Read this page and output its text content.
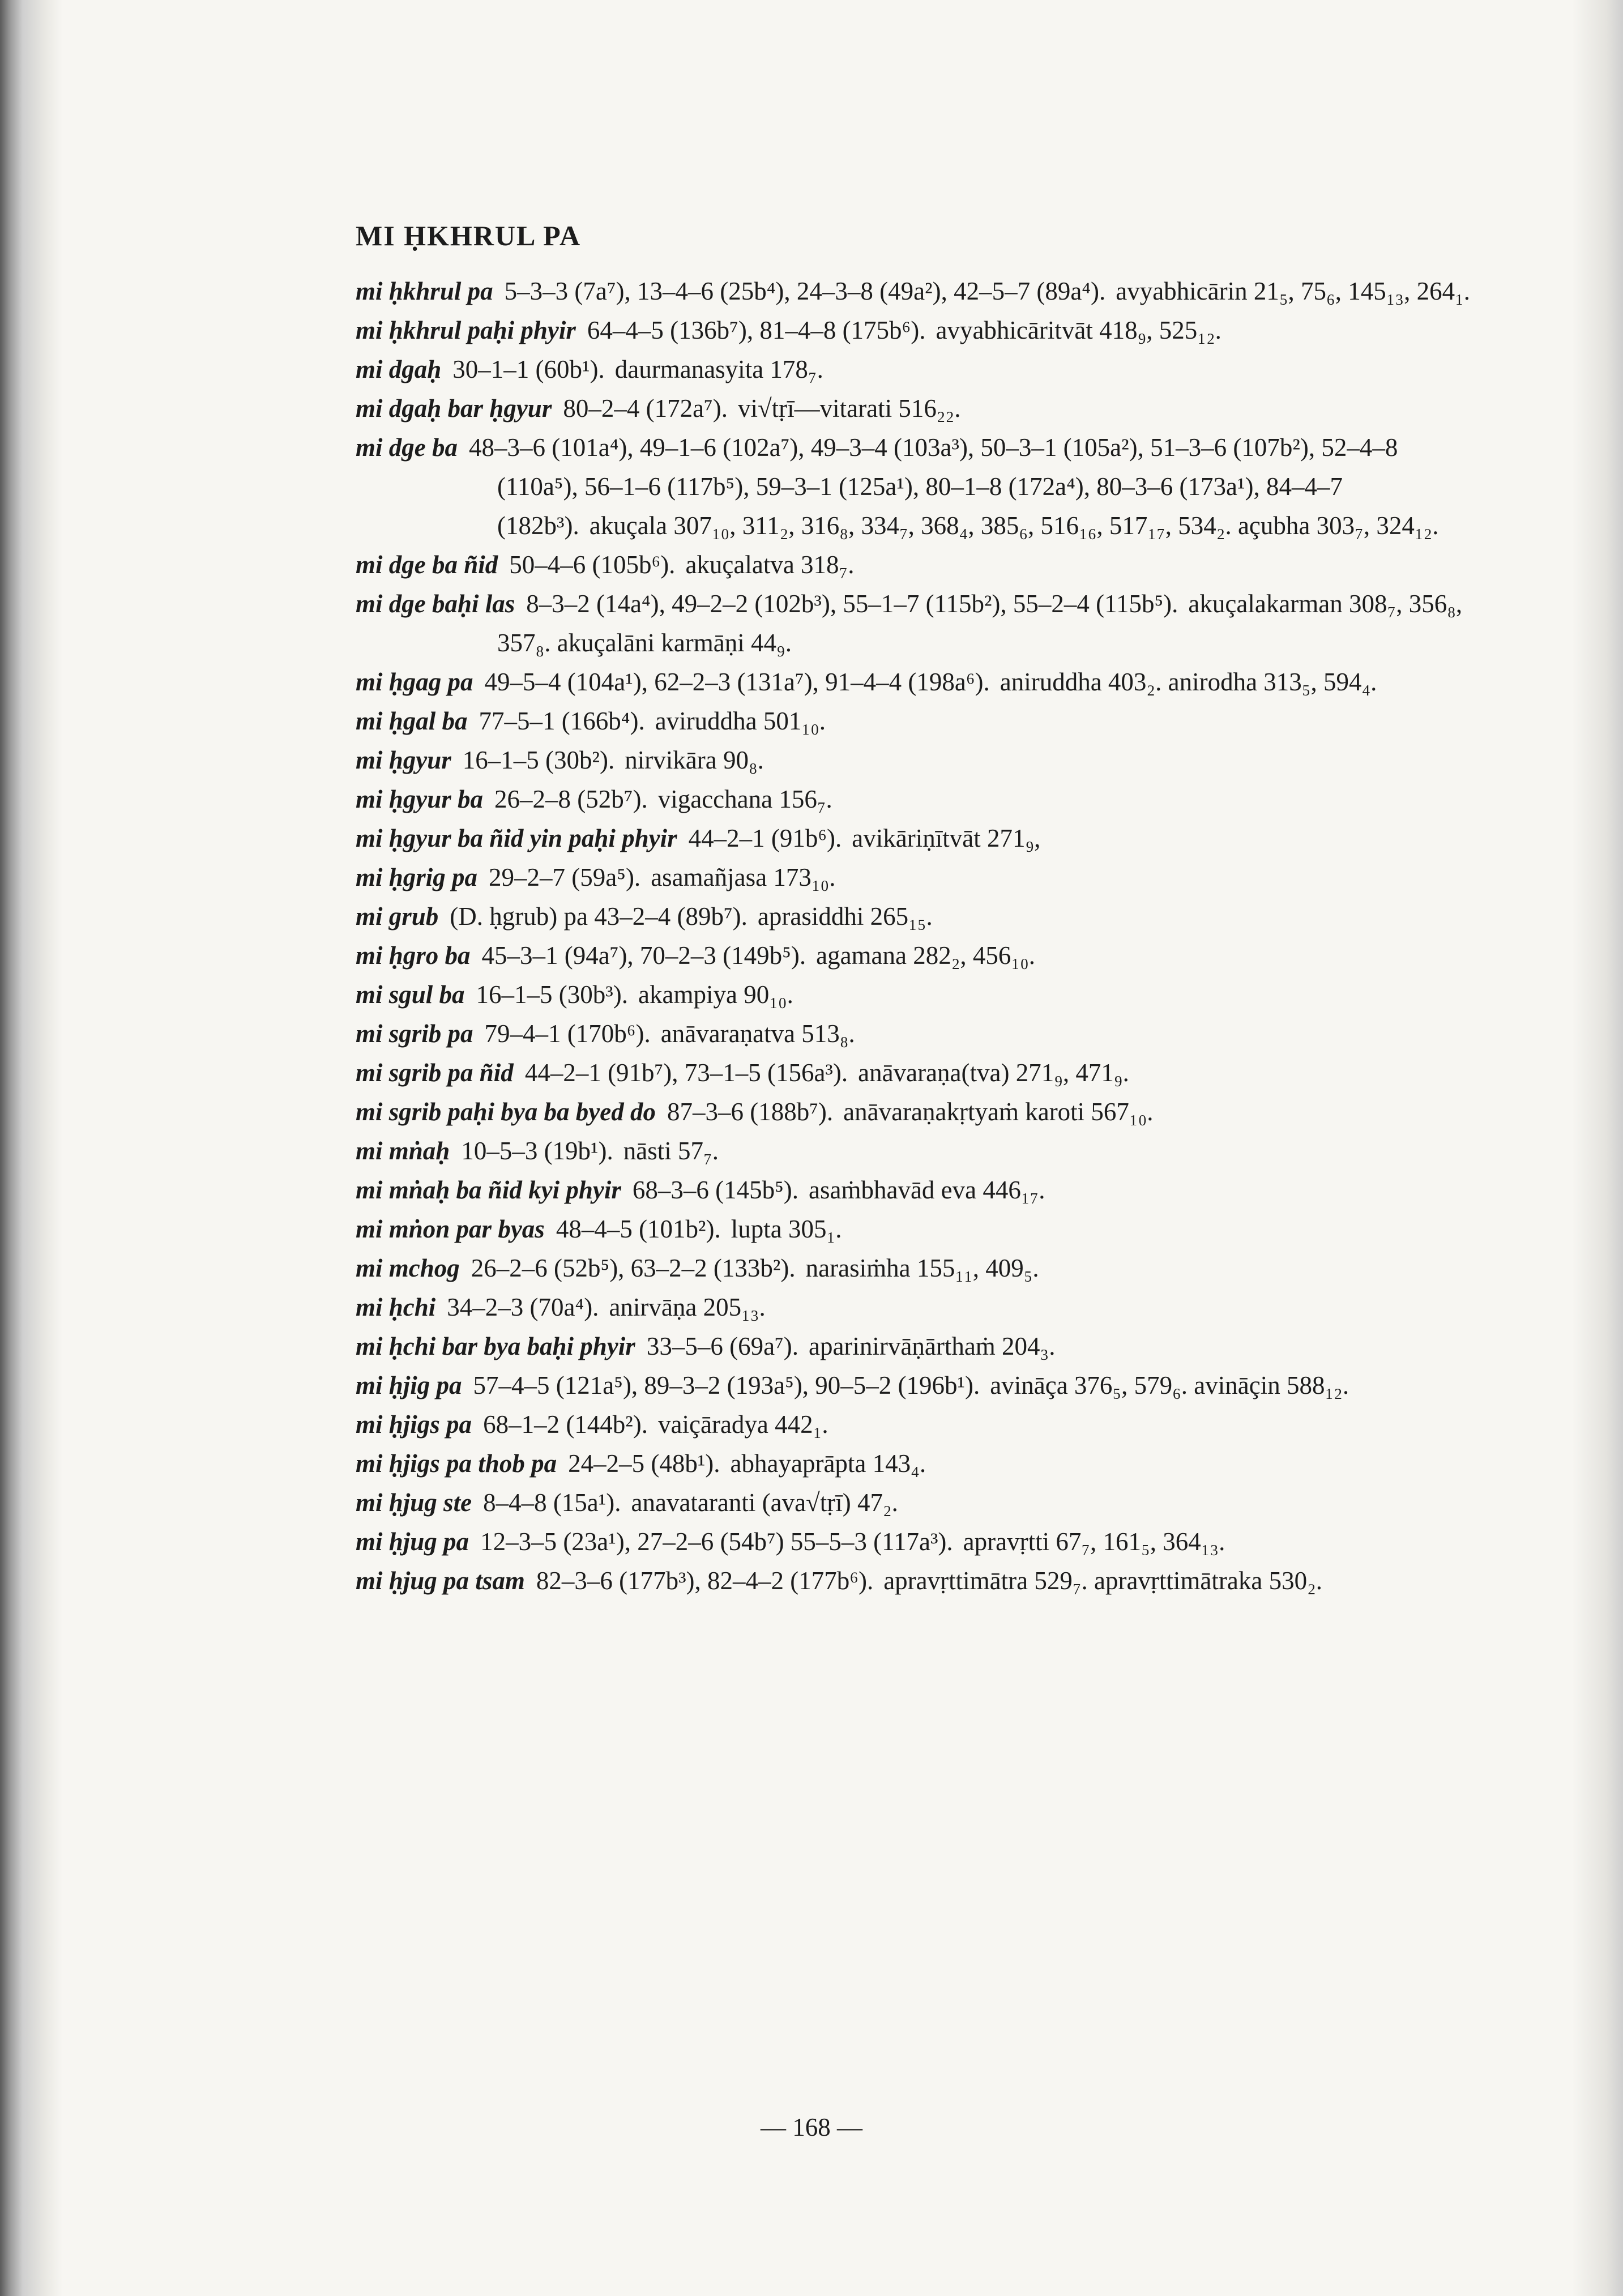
MI ḤKHRUL PA

mi ḥkhrul pa 5–3–3 (7a⁷), 13–4–6 (25b⁴), 24–3–8 (49a²), 42–5–7 (89a⁴). avyabhicārin 21₅, 75₆, 145₁₃, 264₁.

mi ḥkhrul paḥi phyir 64–4–5 (136b⁷), 81–4–8 (175b⁶). avyabhicāritvāt 418₉, 525₁₂.

mi dgaḥ 30–1–1 (60b¹). daurmanasyita 178₇.

mi dgaḥ bar ḥgyur 80–2–4 (172a⁷). vi√tṛī—vitarati 516₂₂.

mi dge ba 48–3–6 (101a⁴), 49–1–6 (102a⁷), 49–3–4 (103a³), 50–3–1 (105a²), 51–3–6 (107b²), 52–4–8 (110a⁵), 56–1–6 (117b⁵), 59–3–1 (125a¹), 80–1–8 (172a⁴), 80–3–6 (173a¹), 84–4–7 (182b³). akuçala 307₁₀, 311₂, 316₈, 334₇, 368₄, 385₆, 516₁₆, 517₁₇, 534₂. açubha 303₇, 324₁₂.

mi dge ba ñid 50–4–6 (105b⁶). akuçalatva 318₇.

mi dge baḥi las 8–3–2 (14a⁴), 49–2–2 (102b³), 55–1–7 (115b²), 55–2–4 (115b⁵). akuçalakarman 308₇, 356₈, 357₈. akuçalāni karmāṇi 44₉.

mi ḥgag pa 49–5–4 (104a¹), 62–2–3 (131a⁷), 91–4–4 (198a⁶). aniruddha 403₂. anirodha 313₅, 594₄.

mi ḥgal ba 77–5–1 (166b⁴). aviruddha 501₁₀.

mi ḥgyur 16–1–5 (30b²). nirvikāra 90₈.

mi ḥgyur ba 26–2–8 (52b⁷). vigacchana 156₇.

mi ḥgyur ba ñid yin paḥi phyir 44–2–1 (91b⁶). avikāriṇītvāt 271₉,

mi ḥgrig pa 29–2–7 (59a⁵). asamañjasa 173₁₀.

mi grub (D. ḥgrub) pa 43–2–4 (89b⁷). aprasiddhi 265₁₅.

mi ḥgro ba 45–3–1 (94a⁷), 70–2–3 (149b⁵). agamana 282₂, 456₁₀.

mi sgul ba 16–1–5 (30b³). akampiya 90₁₀.

mi sgrib pa 79–4–1 (170b⁶). anāvaraṇatva 513₈.

mi sgrib pa ñid 44–2–1 (91b⁷), 73–1–5 (156a³). anāvaraṇa(tva) 271₉, 471₉.

mi sgrib paḥi bya ba byed do 87–3–6 (188b⁷). anāvaraṇakṛtyaṁ karoti 567₁₀.

mi mṅaḥ 10–5–3 (19b¹). nāsti 57₇.

mi mṅaḥ ba ñid kyi phyir 68–3–6 (145b⁵). asaṁbhavād eva 446₁₇.

mi mṅon par byas 48–4–5 (101b²). lupta 305₁.

mi mchog 26–2–6 (52b⁵), 63–2–2 (133b²). narasiṁha 155₁₁, 409₅.

mi ḥchi 34–2–3 (70a⁴). anirvāṇa 205₁₃.

mi ḥchi bar bya baḥi phyir 33–5–6 (69a⁷). aparinirvāṇārthaṁ 204₃.

mi ḥjig pa 57–4–5 (121a⁵), 89–3–2 (193a⁵), 90–5–2 (196b¹). avināça 376₅, 579₆. avināçin 588₁₂.

mi ḥjigs pa 68–1–2 (144b²). vaiçāradya 442₁.

mi ḥjigs pa thob pa 24–2–5 (48b¹). abhayaprāpta 143₄.

mi ḥjug ste 8–4–8 (15a¹). anavataranti (ava√tṛī) 47₂.

mi ḥjug pa 12–3–5 (23a¹), 27–2–6 (54b⁷) 55–5–3 (117a³). apravṛtti 67₇, 161₅, 364₁₃.

mi ḥjug pa tsam 82–3–6 (177b³), 82–4–2 (177b⁶). apravṛttimātra 529₇. apravṛttimātraka 530₂.

— 168 —
